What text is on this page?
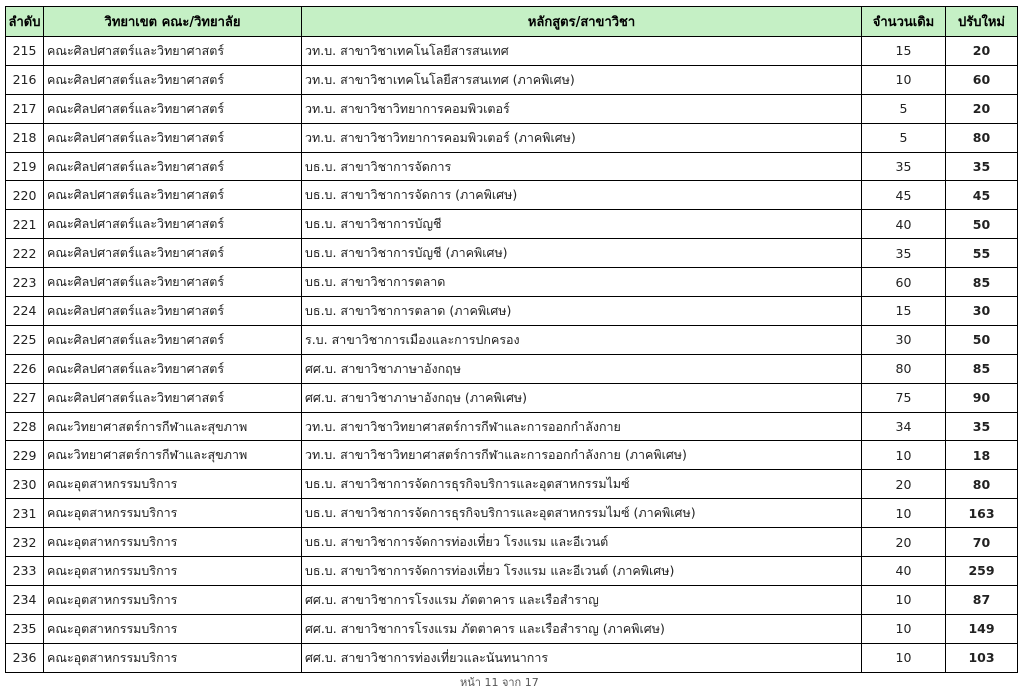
ลำดับ	วิทยาเขต คณะ/วิทยาลัย	หลักสูตร/สาขาวิชา	จำนวนเดิม	ปรับใหม่
215	คณะศิลปศาสตร์และวิทยาศาสตร์	วท.บ. สาขาวิชาเทคโนโลยีสารสนเทศ	15	20
216	คณะศิลปศาสตร์และวิทยาศาสตร์	วท.บ. สาขาวิชาเทคโนโลยีสารสนเทศ (ภาคพิเศษ)	10	60
217	คณะศิลปศาสตร์และวิทยาศาสตร์	วท.บ. สาขาวิชาวิทยาการคอมพิวเตอร์	5	20
218	คณะศิลปศาสตร์และวิทยาศาสตร์	วท.บ. สาขาวิชาวิทยาการคอมพิวเตอร์ (ภาคพิเศษ)	5	80
219	คณะศิลปศาสตร์และวิทยาศาสตร์	บธ.บ. สาขาวิชาการจัดการ	35	35
220	คณะศิลปศาสตร์และวิทยาศาสตร์	บธ.บ. สาขาวิชาการจัดการ (ภาคพิเศษ)	45	45
221	คณะศิลปศาสตร์และวิทยาศาสตร์	บธ.บ. สาขาวิชาการบัญชี	40	50
222	คณะศิลปศาสตร์และวิทยาศาสตร์	บธ.บ. สาขาวิชาการบัญชี (ภาคพิเศษ)	35	55
223	คณะศิลปศาสตร์และวิทยาศาสตร์	บธ.บ. สาขาวิชาการตลาด	60	85
224	คณะศิลปศาสตร์และวิทยาศาสตร์	บธ.บ. สาขาวิชาการตลาด (ภาคพิเศษ)	15	30
225	คณะศิลปศาสตร์และวิทยาศาสตร์	ร.บ. สาขาวิชาการเมืองและการปกครอง	30	50
226	คณะศิลปศาสตร์และวิทยาศาสตร์	ศศ.บ. สาขาวิชาภาษาอังกฤษ	80	85
227	คณะศิลปศาสตร์และวิทยาศาสตร์	ศศ.บ. สาขาวิชาภาษาอังกฤษ (ภาคพิเศษ)	75	90
228	คณะวิทยาศาสตร์การกีฬาและสุขภาพ	วท.บ. สาขาวิชาวิทยาศาสตร์การกีฬาและการออกกำลังกาย	34	35
229	คณะวิทยาศาสตร์การกีฬาและสุขภาพ	วท.บ. สาขาวิชาวิทยาศาสตร์การกีฬาและการออกกำลังกาย (ภาคพิเศษ)	10	18
230	คณะอุตสาหกรรมบริการ	บธ.บ. สาขาวิชาการจัดการธุรกิจบริการและอุตสาหกรรมไมซ์	20	80
231	คณะอุตสาหกรรมบริการ	บธ.บ. สาขาวิชาการจัดการธุรกิจบริการและอุตสาหกรรมไมซ์ (ภาคพิเศษ)	10	163
232	คณะอุตสาหกรรมบริการ	บธ.บ. สาขาวิชาการจัดการท่องเที่ยว โรงแรม และอีเวนต์	20	70
233	คณะอุตสาหกรรมบริการ	บธ.บ. สาขาวิชาการจัดการท่องเที่ยว โรงแรม และอีเวนต์ (ภาคพิเศษ)	40	259
234	คณะอุตสาหกรรมบริการ	ศศ.บ. สาขาวิชาการโรงแรม ภัตตาคาร และเรือสำราญ	10	87
235	คณะอุตสาหกรรมบริการ	ศศ.บ. สาขาวิชาการโรงแรม ภัตตาคาร และเรือสำราญ (ภาคพิเศษ)	10	149
236	คณะอุตสาหกรรมบริการ	ศศ.บ. สาขาวิชาการท่องเที่ยวและนันทนาการ	10	103
หน้า 11 จาก 17
